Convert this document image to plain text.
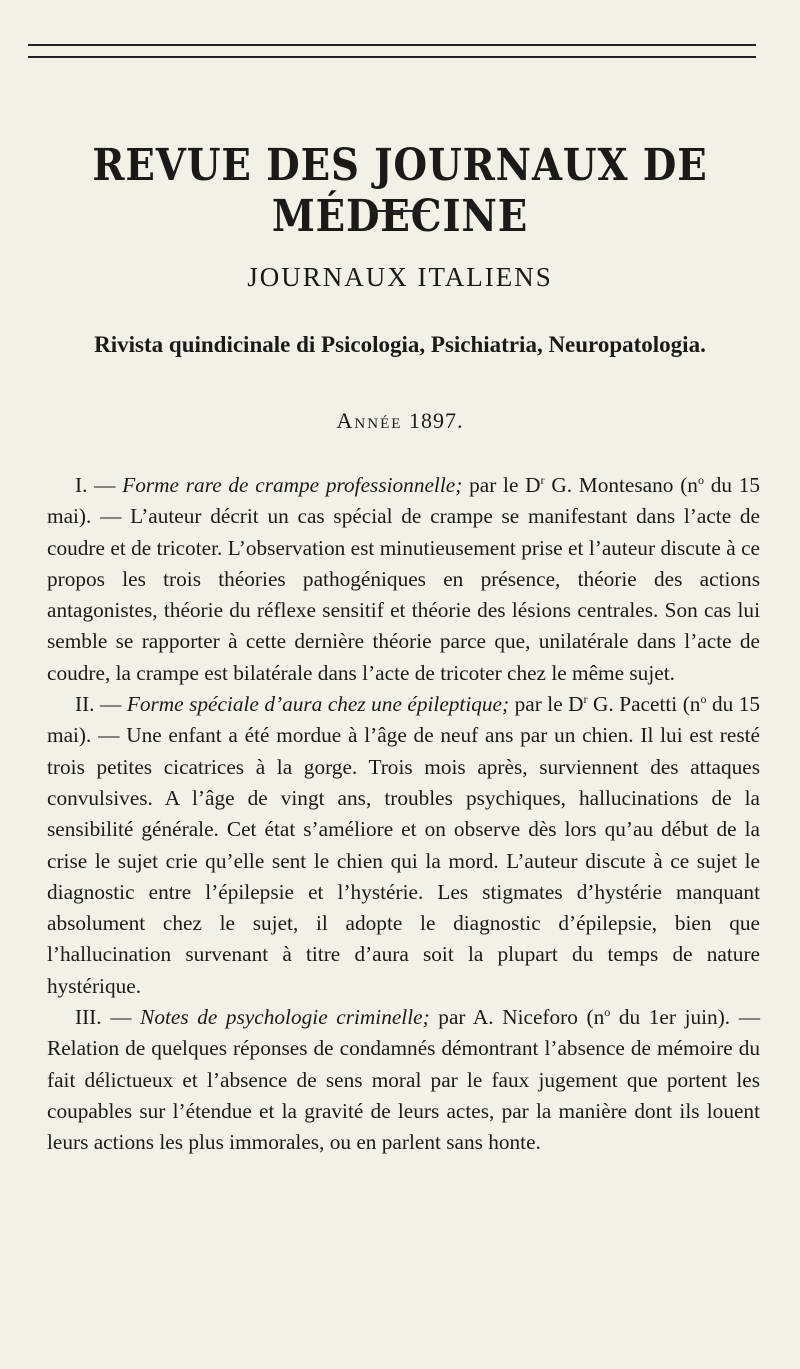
REVUE DES JOURNAUX DE MÉDECINE
JOURNAUX ITALIENS
Rivista quindicinale di Psicologia, Psichiatria, Neuropatologia.
Année 1897.

I. — Forme rare de crampe professionnelle; par le $D^r$ G. Montesano ($n^o$ du 15 mai). — L’auteur décrit un cas spécial de crampe se manifestant dans l’acte de coudre et de tricoter. L’observation est minutieusement prise et l’auteur discute à ce propos les trois théories pathogéniques en présence, théorie des actions antagonistes, théorie du réflexe sensitif et théorie des lésions centrales. Son cas lui semble se rapporter à cette dernière théorie parce que, unilatérale dans l’acte de coudre, la crampe est bilatérale dans l’acte de tricoter chez le même sujet.

II. — Forme spéciale d’aura chez une épileptique; par le $D^r$ G. Pacetti ($n^o$ du 15 mai). — Une enfant a été mordue à l’âge de neuf ans par un chien. Il lui est resté trois petites cicatrices à la gorge. Trois mois après, surviennent des attaques convulsives. A l’âge de vingt ans, troubles psychiques, hallucinations de la sensibilité générale. Cet état s’améliore et on observe dès lors qu’au début de la crise le sujet crie qu’elle sent le chien qui la mord. L’auteur discute à ce sujet le diagnostic entre l’épilepsie et l’hystérie. Les stigmates d’hystérie manquant absolument chez le sujet, il adopte le diagnostic d’épilepsie, bien que l’hallucination survenant à titre d’aura soit la plupart du temps de nature hystérique.

III. — Notes de psychologie criminelle; par A. Niceforo ($n^o$ du 1er juin). — Relation de quelques réponses de condamnés démontrant l’absence de mémoire du fait délictueux et l’absence de sens moral par le faux jugement que portent les coupables sur l’étendue et la gravité de leurs actes, par la manière dont ils louent leurs actions les plus immorales, ou en parlent sans honte.
